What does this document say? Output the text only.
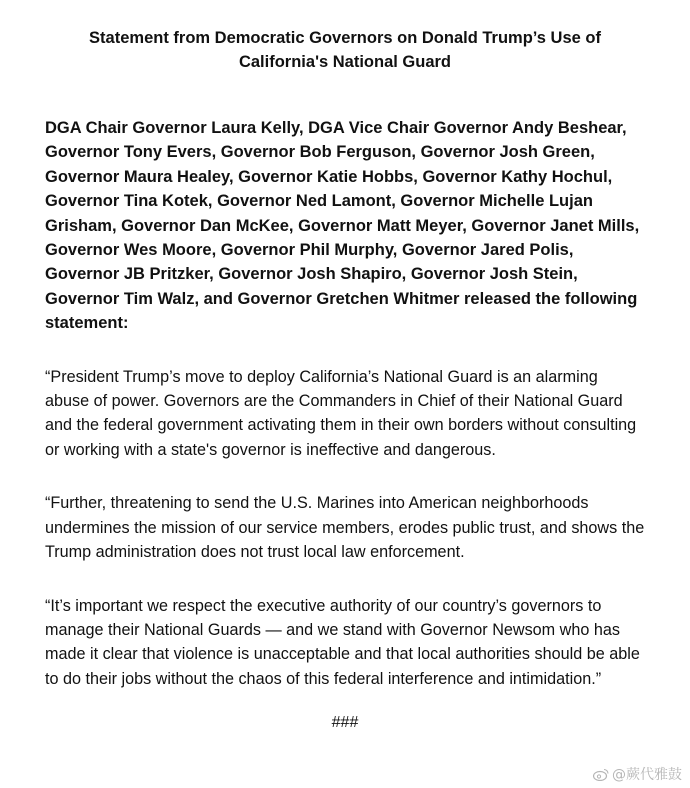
Statement from Democratic Governors on Donald Trump’s Use of
California's National Guard

DGA Chair Governor Laura Kelly, DGA Vice Chair Governor Andy Beshear, Governor Tony Evers, Governor Bob Ferguson, Governor Josh Green, Governor Maura Healey, Governor Katie Hobbs, Governor Kathy Hochul, Governor Tina Kotek, Governor Ned Lamont, Governor Michelle Lujan Grisham, Governor Dan McKee, Governor Matt Meyer, Governor Janet Mills, Governor Wes Moore, Governor Phil Murphy, Governor Jared Polis, Governor JB Pritzker, Governor Josh Shapiro, Governor Josh Stein, Governor Tim Walz, and Governor Gretchen Whitmer released the following statement:

“President Trump’s move to deploy California’s National Guard is an alarming abuse of power. Governors are the Commanders in Chief of their National Guard and the federal government activating them in their own borders without consulting or working with a state's governor is ineffective and dangerous.

“Further, threatening to send the U.S. Marines into American neighborhoods undermines the mission of our service members, erodes public trust, and shows the Trump administration does not trust local law enforcement.

“It’s important we respect the executive authority of our country’s governors to manage their National Guards — and we stand with Governor Newsom who has made it clear that violence is unacceptable and that local authorities should be able to do their jobs without the chaos of this federal interference and intimidation.”

###

@蕨代雅鼓
